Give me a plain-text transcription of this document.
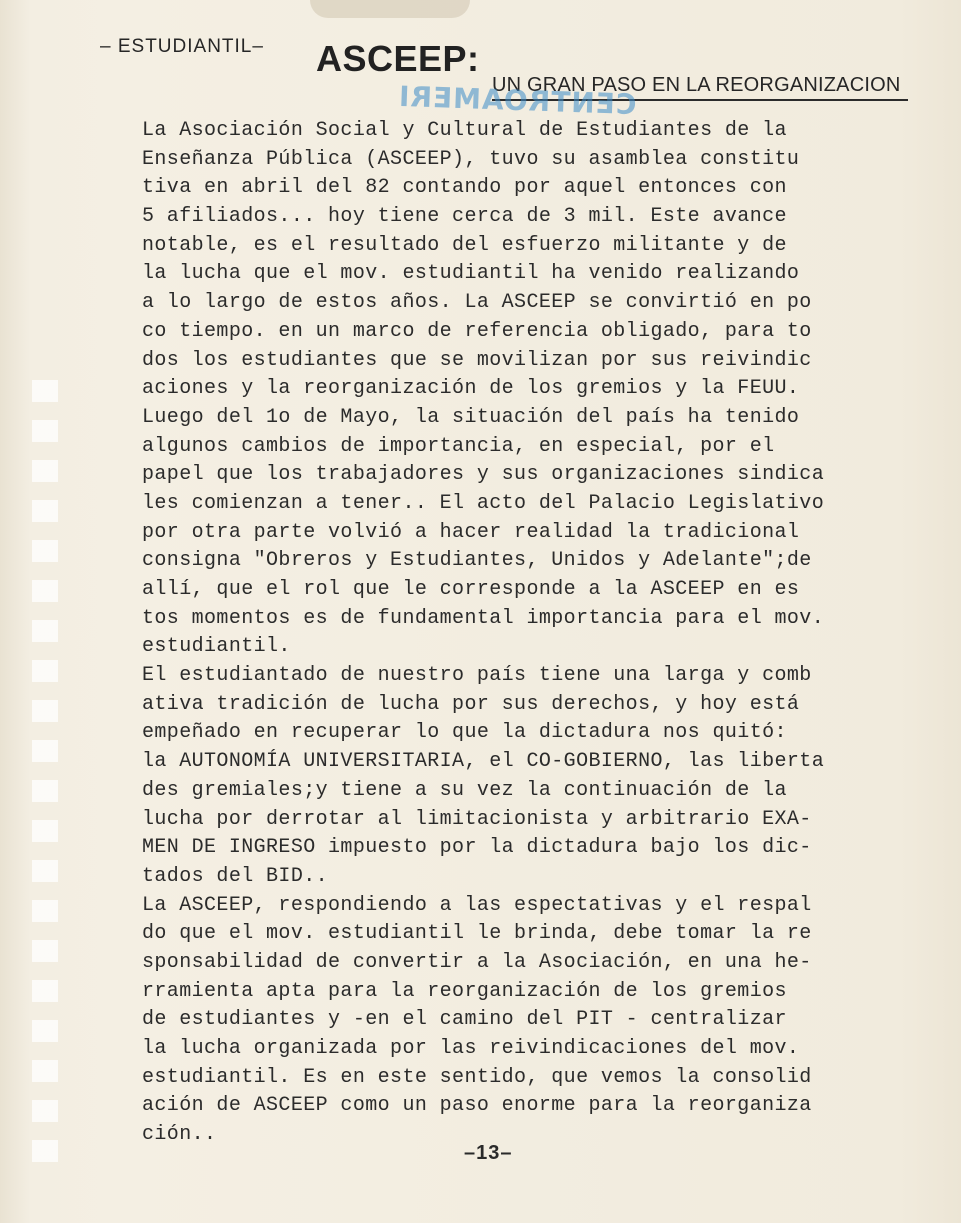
– ESTUDIANTIL– ASCEEP:
UN GRAN PASO EN LA REORGANIZACION
CENTROAMERI
La Asociación Social y Cultural de Estudiantes de la
Enseñanza Pública (ASCEEP), tuvo su asamblea constitu
tiva en abril del 82 contando por aquel entonces con
5 afiliados... hoy tiene cerca de 3 mil. Este avance
notable, es el resultado del esfuerzo militante y de
la lucha que el mov. estudiantil ha venido realizando
a lo largo de estos años. La ASCEEP se convirtió en po
co tiempo. en un marco de referencia obligado, para to
dos los estudiantes que se movilizan por sus reivindic
aciones y la reorganización de los gremios y la FEUU.
Luego del 1o de Mayo, la situación del país ha tenido
algunos cambios de importancia, en especial, por el
papel que los trabajadores y sus organizaciones sindica
les comienzan a tener.. El acto del Palacio Legislativo
por otra parte volvió a hacer realidad la tradicional
consigna "Obreros y Estudiantes, Unidos y Adelante";de
allí, que el rol que le corresponde a la ASCEEP en es
tos momentos es de fundamental importancia para el mov.
estudiantil.
El estudiantado de nuestro país tiene una larga y comb
ativa tradición de lucha por sus derechos, y hoy está
empeñado en recuperar lo que la dictadura nos quitó:
la AUTONOMÍA UNIVERSITARIA, el CO-GOBIERNO, las liberta
des gremiales;y tiene a su vez la continuación de la
lucha por derrotar al limitacionista y arbitrario EXA-
MEN DE INGRESO impuesto por la dictadura bajo los dic-
tados del BID..
La ASCEEP, respondiendo a las espectativas y el respal
do que el mov. estudiantil le brinda, debe tomar la re
sponsabilidad de convertir a la Asociación, en una he-
rramienta apta para la reorganización de los gremios
de estudiantes y -en el camino del PIT - centralizar
la lucha organizada por las reivindicaciones del mov.
estudiantil. Es en este sentido, que vemos la consolid
ación de ASCEEP como un paso enorme para la reorganiza
ción..
–13–
